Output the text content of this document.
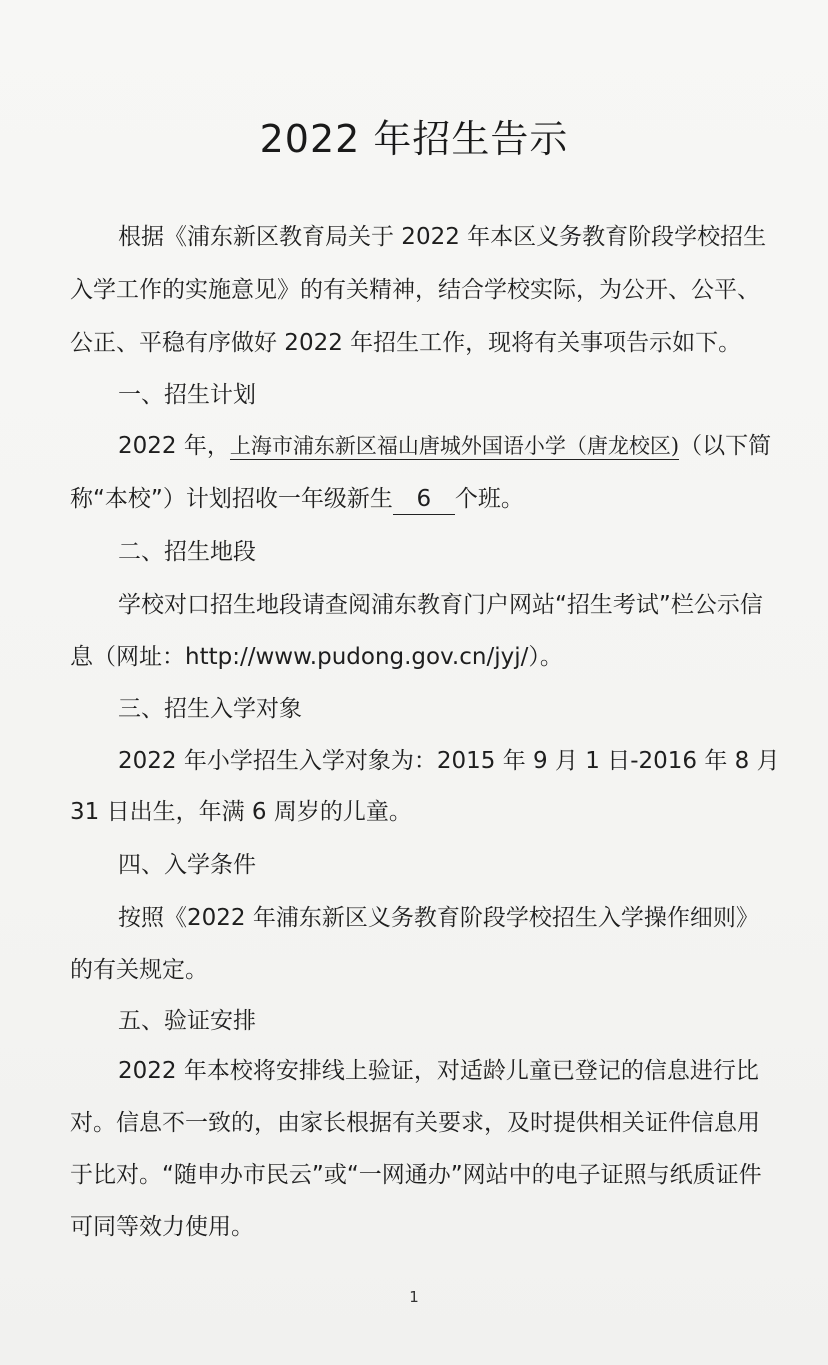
2022 年招生告示
根据《浦东新区教育局关于 2022 年本区义务教育阶段学校招生
入学工作的实施意见》的有关精神，结合学校实际，为公开、公平、
公正、平稳有序做好 2022 年招生工作，现将有关事项告示如下。
一、招生计划
2022 年，上海市浦东新区福山唐城外国语小学（唐龙校区)（以下简
称“本校”）计划招收一年级新生 6 个班。
二、招生地段
学校对口招生地段请查阅浦东教育门户网站“招生考试”栏公示信
息（网址：http://www.pudong.gov.cn/jyj/）。
三、招生入学对象
2022 年小学招生入学对象为：2015 年 9 月 1 日-2016 年 8 月
31 日出生，年满 6 周岁的儿童。
四、入学条件
按照《2022 年浦东新区义务教育阶段学校招生入学操作细则》
的有关规定。
五、验证安排
2022 年本校将安排线上验证，对适龄儿童已登记的信息进行比
对。信息不一致的，由家长根据有关要求，及时提供相关证件信息用
于比对。“随申办市民云”或“一网通办”网站中的电子证照与纸质证件
可同等效力使用。
1
